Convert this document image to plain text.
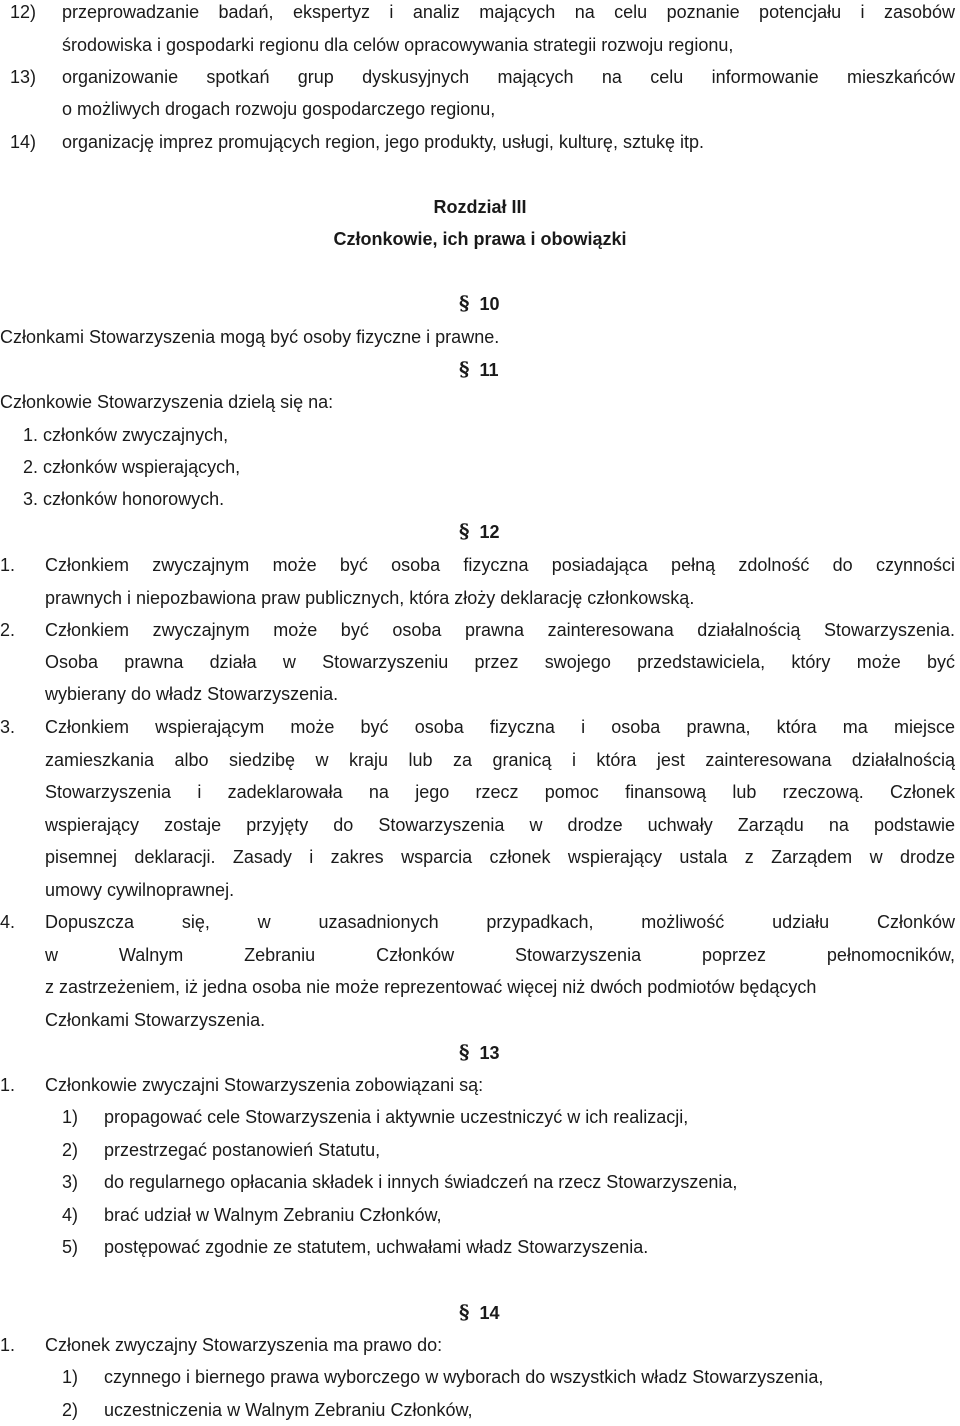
12) przeprowadzanie badań, ekspertyz i analiz mających na celu poznanie potencjału i zasobów
środowiska i gospodarki regionu dla celów opracowywania strategii rozwoju regionu,
13) organizowanie spotkań grup dyskusyjnych mających na celu informowanie mieszkańców
o możliwych drogach rozwoju gospodarczego regionu,
14) organizację imprez promujących region, jego produkty, usługi, kulturę, sztukę itp.
Rozdział III
Członkowie, ich prawa i obowiązki
§ 10
Członkami Stowarzyszenia mogą być osoby fizyczne i prawne.
§ 11
Członkowie Stowarzyszenia dzielą się na:
1. członków zwyczajnych,
2. członków wspierających,
3. członków honorowych.
§ 12
1. Członkiem zwyczajnym może być osoba fizyczna posiadająca pełną zdolność do czynności
prawnych i niepozbawiona praw publicznych, która złoży deklarację członkowską.
2. Członkiem zwyczajnym może być osoba prawna zainteresowana działalnością Stowarzyszenia.
Osoba prawna działa w Stowarzyszeniu przez swojego przedstawiciela, który może być
wybierany do władz Stowarzyszenia.
3. Członkiem wspierającym może być osoba fizyczna i osoba prawna, która ma miejsce
zamieszkania albo siedzibę w kraju lub za granicą i która jest zainteresowana działalnością
Stowarzyszenia i zadeklarowała na jego rzecz pomoc finansową lub rzeczową. Członek
wspierający zostaje przyjęty do Stowarzyszenia w drodze uchwały Zarządu na podstawie
pisemnej deklaracji. Zasady i zakres wsparcia członek wspierający ustala z Zarządem w drodze
umowy cywilnoprawnej.
4. Dopuszcza się, w uzasadnionych przypadkach, możliwość udziału Członków
w Walnym Zebraniu Członków Stowarzyszenia poprzez pełnomocników,
z zastrzeżeniem, iż jedna osoba nie może reprezentować więcej niż dwóch podmiotów będących
Członkami Stowarzyszenia.
§ 13
1. Członkowie zwyczajni Stowarzyszenia zobowiązani są:
1) propagować cele Stowarzyszenia i aktywnie uczestniczyć w ich realizacji,
2) przestrzegać postanowień Statutu,
3) do regularnego opłacania składek i innych świadczeń na rzecz Stowarzyszenia,
4) brać udział w Walnym Zebraniu Członków,
5) postępować zgodnie ze statutem, uchwałami władz Stowarzyszenia.
§ 14
1. Członek zwyczajny Stowarzyszenia ma prawo do:
1) czynnego i biernego prawa wyborczego w wyborach do wszystkich władz Stowarzyszenia,
2) uczestniczenia w Walnym Zebraniu Członków,
